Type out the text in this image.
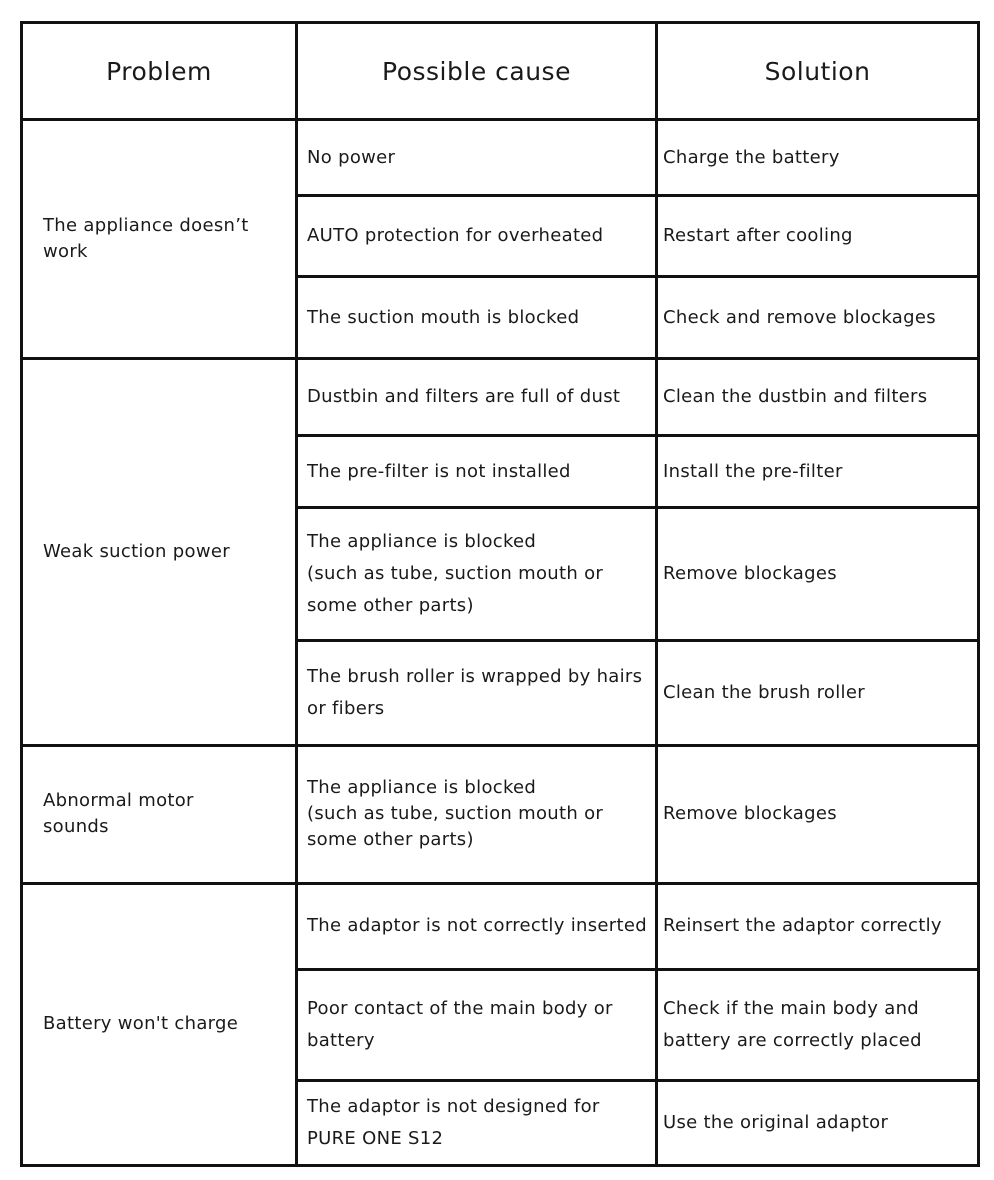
Problem	Possible cause	Solution
The appliance doesn’t work	No power	Charge the battery

	AUTO protection for overheated	Restart after cooling

	The suction mouth is blocked	Check and remove blockages

Weak suction power	Dustbin and filters are full of dust	Clean the dustbin and filters

	The pre-filter is not installed	Install the pre-filter

	The appliance is blocked
(such as tube, suction mouth or
some other parts)	Remove blockages

	The brush roller is wrapped by hairs
or fibers	Clean the brush roller

Abnormal motor sounds	The appliance is blocked
(such as tube, suction mouth or
some other parts)	Remove blockages

Battery won't charge	The adaptor is not correctly inserted	Reinsert the adaptor correctly

	Poor contact of the main body or
battery	Check if the main body and
battery are correctly placed

	The adaptor is not designed for
PURE ONE S12	Use the original adaptor
